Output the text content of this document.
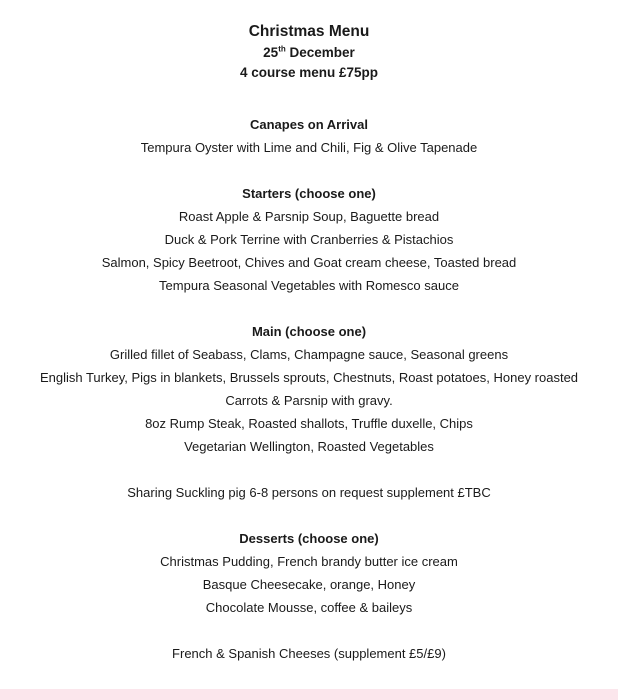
Christmas Menu
25th December
4 course menu £75pp
Canapes on Arrival
Tempura Oyster with Lime and Chili, Fig & Olive Tapenade
Starters (choose one)
Roast Apple & Parsnip Soup, Baguette bread
Duck & Pork Terrine with Cranberries & Pistachios
Salmon, Spicy Beetroot, Chives and Goat cream cheese, Toasted bread
Tempura Seasonal Vegetables with Romesco sauce
Main (choose one)
Grilled fillet of Seabass, Clams, Champagne sauce, Seasonal greens
English Turkey, Pigs in blankets, Brussels sprouts, Chestnuts, Roast potatoes, Honey roasted
Carrots & Parsnip with gravy.
8oz Rump Steak, Roasted shallots, Truffle duxelle, Chips
Vegetarian Wellington, Roasted Vegetables
Sharing Suckling pig 6-8 persons on request supplement £TBC
Desserts (choose one)
Christmas Pudding, French brandy butter ice cream
Basque Cheesecake, orange, Honey
Chocolate Mousse, coffee & baileys
French & Spanish Cheeses (supplement £5/£9)
